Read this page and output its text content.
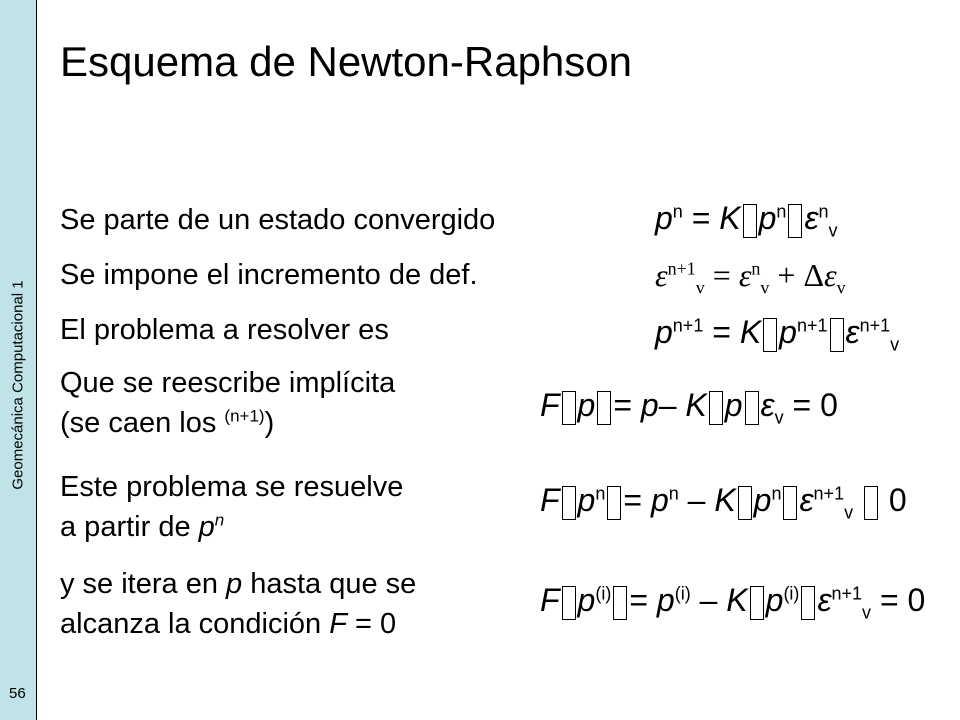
Geomecánica Computacional 1
56
Esquema de Newton-Raphson
Se parte de un estado convergido
Se impone el incremento de def.
El problema a resolver es
Que se reescribe implícita
(se caen los $^{(n+1)}$)
Este problema se resuelve
a partir de $p^n$
y se itera en p hasta que se
alcanza la condición F = 0
$p^n = K$ $p^n$ $\varepsilon^n_v$
$\varepsilon^{n+1}_v = \varepsilon^n_v + \Delta\varepsilon_v$
$p^{n+1} = K$ $p^{n+1}$ $\varepsilon^{n+1}_v$
F p = p– K p $\varepsilon_v = 0$
F $p^n = p^n - K$ $p^n$ $\varepsilon^{n+1}_v$ 0
F $p^{(i)} = p^{(i)} - K$ $p^{(i)}$ $\varepsilon^{n+1}_v = 0$
